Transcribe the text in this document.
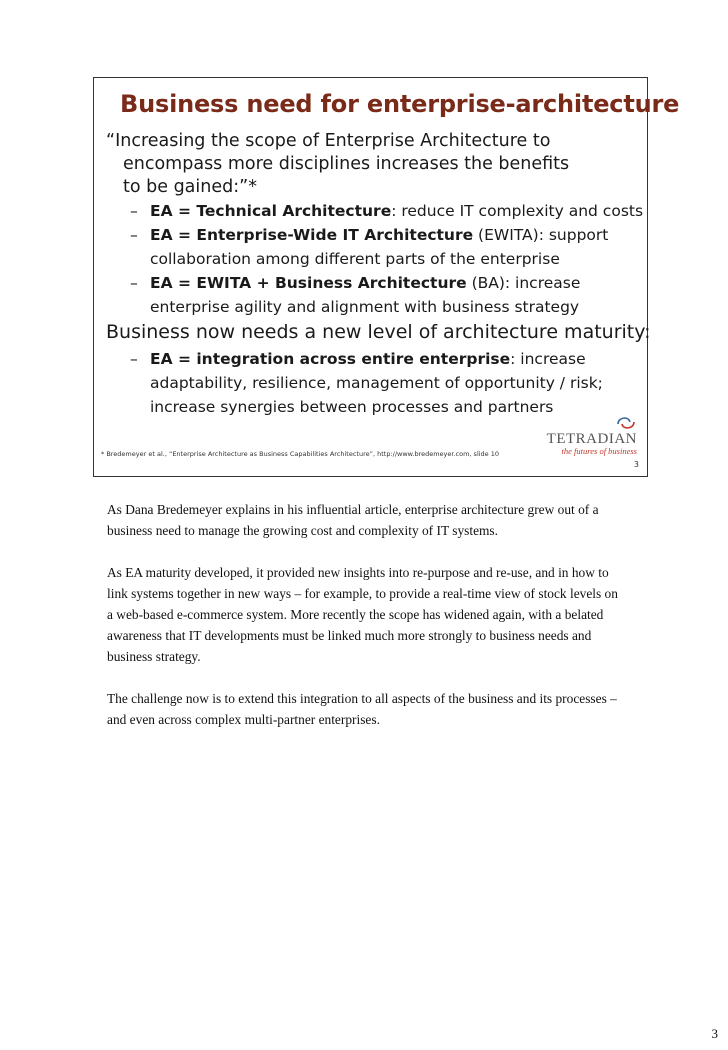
Business need for enterprise-architecture
“Increasing the scope of Enterprise Architecture to
encompass more disciplines increases the benefits
to be gained:”*
– EA = Technical Architecture: reduce IT complexity and costs
– EA = Enterprise-Wide IT Architecture (EWITA): support
collaboration among different parts of the enterprise
– EA = EWITA + Business Architecture (BA): increase
enterprise agility and alignment with business strategy
Business now needs a new level of architecture maturity:
– EA = integration across entire enterprise: increase
adaptability, resilience, management of opportunity / risk;
increase synergies between processes and partners
TETRADIAN
the futures of business
* Bredemeyer et al., “Enterprise Architecture as Business Capabilities Architecture”, http://www.bredemeyer.com, slide 10
3

As Dana Bredemeyer explains in his influential article, enterprise architecture grew out of a business need to manage the growing cost and complexity of IT systems.

As EA maturity developed, it provided new insights into re-purpose and re-use, and in how to link systems together in new ways – for example, to provide a real-time view of stock levels on a web-based e-commerce system. More recently the scope has widened again, with a belated awareness that IT developments must be linked much more strongly to business needs and business strategy.

The challenge now is to extend this integration to all aspects of the business and its processes – and even across complex multi-partner enterprises.

3
